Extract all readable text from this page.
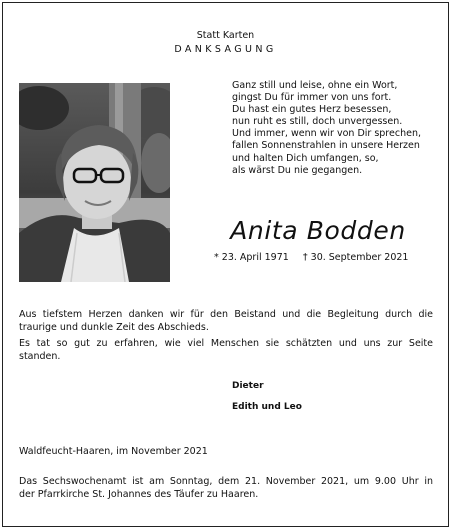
Statt Karten
DANKSAGUNG
Ganz still und leise, ohne ein Wort,
gingst Du für immer von uns fort.
Du hast ein gutes Herz besessen,
nun ruht es still, doch unvergessen.
Und immer, wenn wir von Dir sprechen,
fallen Sonnenstrahlen in unsere Herzen
und halten Dich umfangen, so,
als wärst Du nie gegangen.
Anita Bodden
* 23. April 1971 † 30. September 2021
Aus tiefstem Herzen danken wir für den Beistand und die Begleitung durch die
traurige und dunkle Zeit des Abschieds.
Es tat so gut zu erfahren, wie viel Menschen sie schätzten und uns zur Seite
standen.
Dieter
Edith und Leo
Waldfeucht-Haaren, im November 2021
Das Sechswochenamt ist am Sonntag, dem 21. November 2021, um 9.00 Uhr in
der Pfarrkirche St. Johannes des Täufer zu Haaren.
